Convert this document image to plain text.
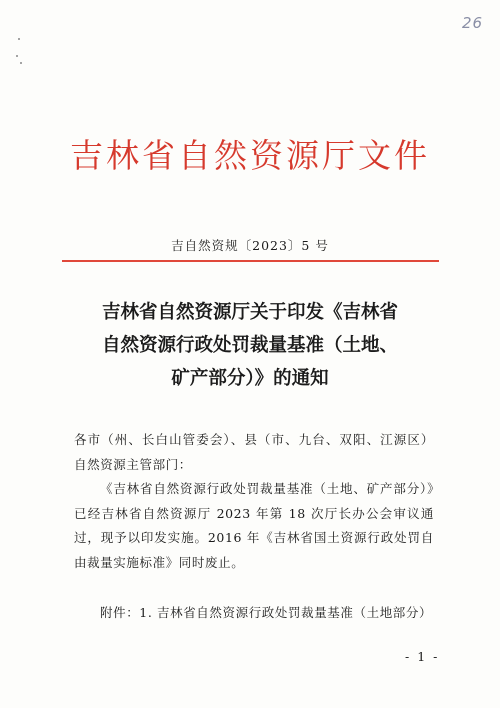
26
吉林省自然资源厅文件
吉自然资规〔2023〕5 号
吉林省自然资源厅关于印发《吉林省
自然资源行政处罚裁量基准（土地、
矿产部分）》的通知

各市（州、长白山管委会）、县（市、九台、双阳、江源区）自然资源主管部门：

《吉林省自然资源行政处罚裁量基准（土地、矿产部分）》已经吉林省自然资源厅 2023 年第 18 次厅长办公会审议通过，现予以印发实施。2016 年《吉林省国土资源行政处罚自由裁量实施标准》同时废止。

附件：1. 吉林省自然资源行政处罚裁量基准（土地部分）
- 1 -
